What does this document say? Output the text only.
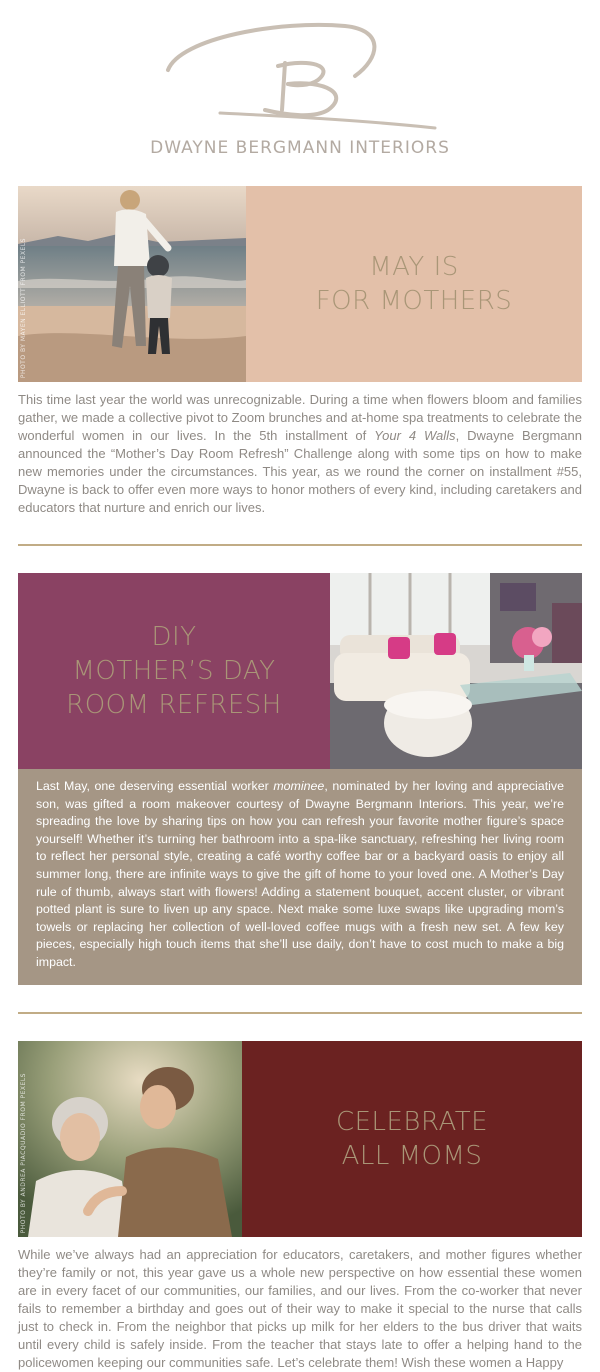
DWAYNE BERGMANN INTERIORS
PHOTO BY MAYEN ELLIOTT FROM PEXELS	MAY IS
FOR MOTHERS
This time last year the world was unrecognizable. During a time when flowers bloom and families gather, we made a collective pivot to Zoom brunches and at-home spa treatments to celebrate the wonderful women in our lives. In the 5th installment of Your 4 Walls, Dwayne Bergmann announced the “Mother’s Day Room Refresh” Challenge along with some tips on how to make new memories under the circumstances. This year, as we round the corner on installment #55, Dwayne is back to offer even more ways to honor mothers of every kind, including caretakers and educators that nurture and enrich our lives.
DIY
MOTHER’S DAY
ROOM REFRESH
Last May, one deserving essential worker mominee, nominated by her loving and appreciative son, was gifted a room makeover courtesy of Dwayne Bergmann Interiors. This year, we’re spreading the love by sharing tips on how you can refresh your favorite mother figure’s space yourself! Whether it’s turning her bathroom into a spa-like sanctuary, refreshing her living room to reflect her personal style, creating a café worthy coffee bar or a backyard oasis to enjoy all summer long, there are infinite ways to give the gift of home to your loved one. A Mother’s Day rule of thumb, always start with flowers! Adding a statement bouquet, accent cluster, or vibrant potted plant is sure to liven up any space. Next make some luxe swaps like upgrading mom’s towels or replacing her collection of well-loved coffee mugs with a fresh new set. A few key pieces, especially high touch items that she’ll use daily, don’t have to cost much to make a big impact.
PHOTO BY ANDREA PIACQUADIO FROM PEXELS	CELEBRATE
ALL MOMS
While we’ve always had an appreciation for educators, caretakers, and mother figures whether they’re family or not, this year gave us a whole new perspective on how essential these women are in every facet of our communities, our families, and our lives. From the co-worker that never fails to remember a birthday and goes out of their way to make it special to the nurse that calls just to check in. From the neighbor that picks up milk for her elders to the bus driver that waits until every child is safely inside. From the teacher that stays late to offer a helping hand to the policewomen keeping our communities safe. Let’s celebrate them! Wish these women a Happy
